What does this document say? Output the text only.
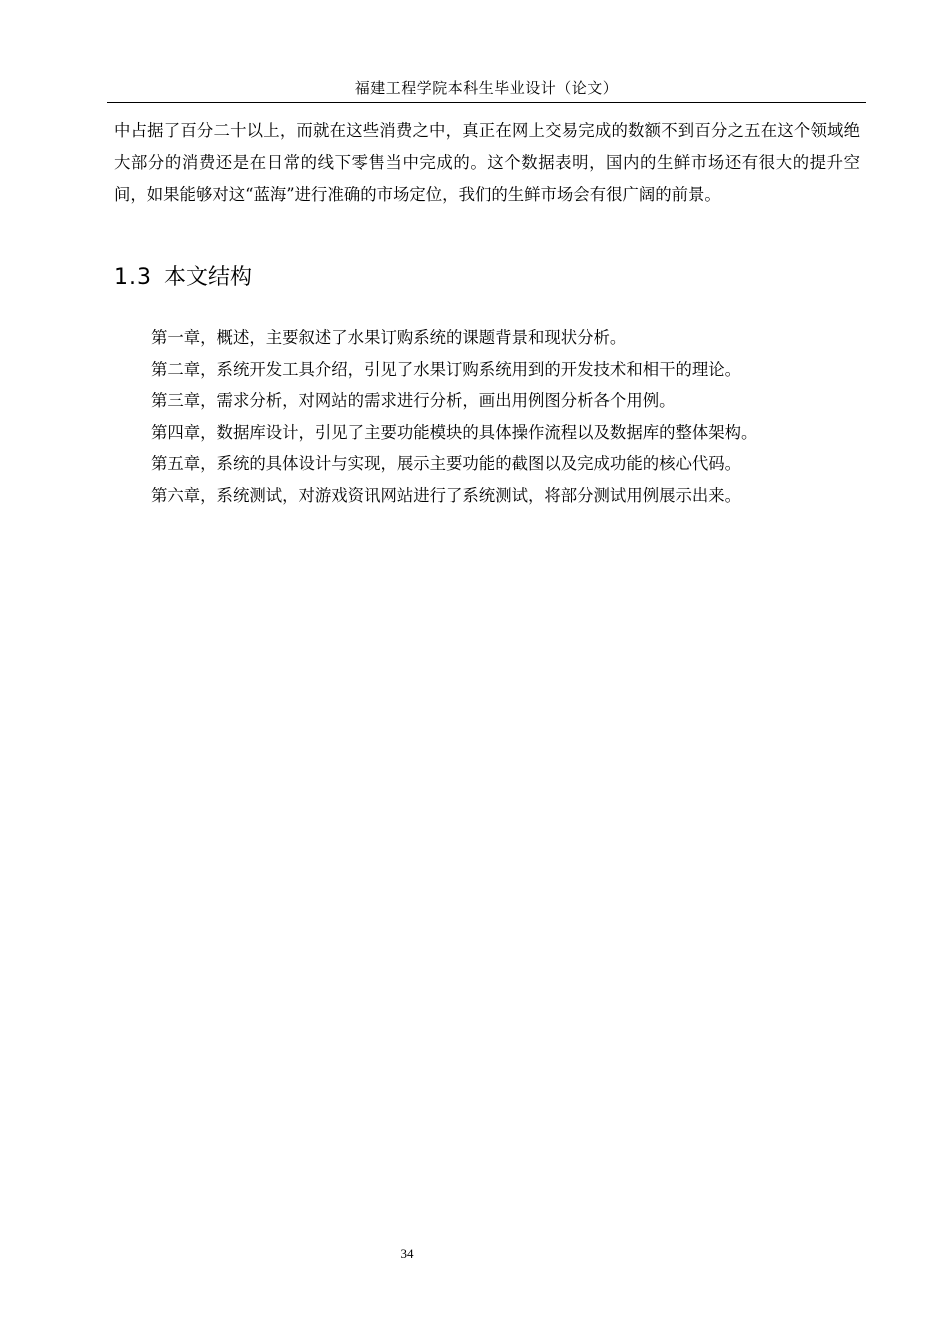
福建工程学院本科生毕业设计（论文）

中占据了百分二十以上，而就在这些消费之中，真正在网上交易完成的数额不到百分之五在这个领域绝大部分的消费还是在日常的线下零售当中完成的。这个数据表明，国内的生鲜市场还有很大的提升空间，如果能够对这“蓝海”进行准确的市场定位，我们的生鲜市场会有很广阔的前景。

1.3 本文结构
第一章，概述，主要叙述了水果订购系统的课题背景和现状分析。
第二章，系统开发工具介绍，引见了水果订购系统用到的开发技术和相干的理论。
第三章，需求分析，对网站的需求进行分析，画出用例图分析各个用例。
第四章，数据库设计，引见了主要功能模块的具体操作流程以及数据库的整体架构。
第五章，系统的具体设计与实现，展示主要功能的截图以及完成功能的核心代码。
第六章，系统测试，对游戏资讯网站进行了系统测试，将部分测试用例展示出来。
34
